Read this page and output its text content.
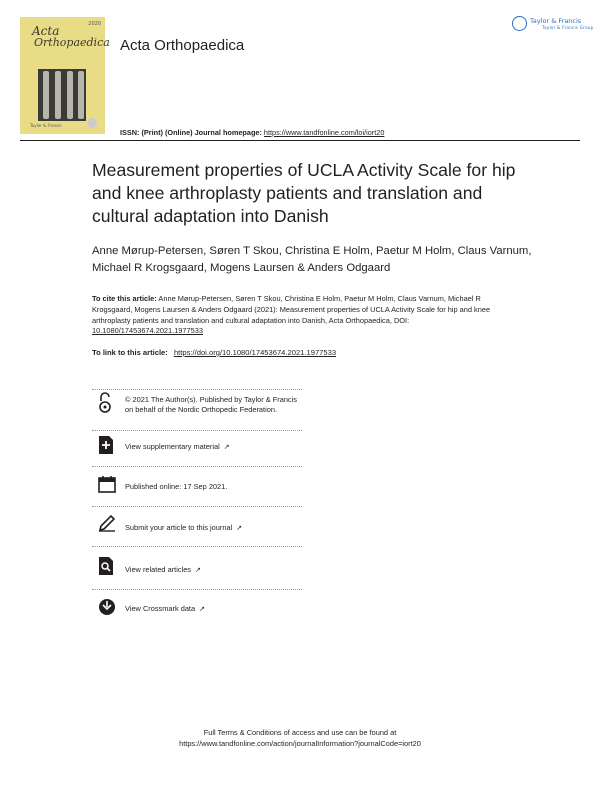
2020
Acta
Orthopaedica
Taylor & Francis
Acta Orthopaedica
Taylor & Francis
Taylor & Francis Group
ISSN: (Print) (Online) Journal homepage: https://www.tandfonline.com/loi/iort20
Measurement properties of UCLA Activity Scale for hip and knee arthroplasty patients and translation and cultural adaptation into Danish
Anne Mørup-Petersen, Søren T Skou, Christina E Holm, Paetur M Holm, Claus Varnum, Michael R Krogsgaard, Mogens Laursen & Anders Odgaard
To cite this article: Anne Mørup-Petersen, Søren T Skou, Christina E Holm, Paetur M Holm, Claus Varnum, Michael R Krogsgaard, Mogens Laursen & Anders Odgaard (2021): Measurement properties of UCLA Activity Scale for hip and knee arthroplasty patients and translation and cultural adaptation into Danish, Acta Orthopaedica, DOI: 10.1080/17453674.2021.1977533
To link to this article: https://doi.org/10.1080/17453674.2021.1977533
© 2021 The Author(s). Published by Taylor & Francis on behalf of the Nordic Orthopedic Federation.
View supplementary material ↗
Published online: 17 Sep 2021.
Submit your article to this journal ↗
View related articles ↗
View Crossmark data ↗
Full Terms & Conditions of access and use can be found at
https://www.tandfonline.com/action/journalInformation?journalCode=iort20
